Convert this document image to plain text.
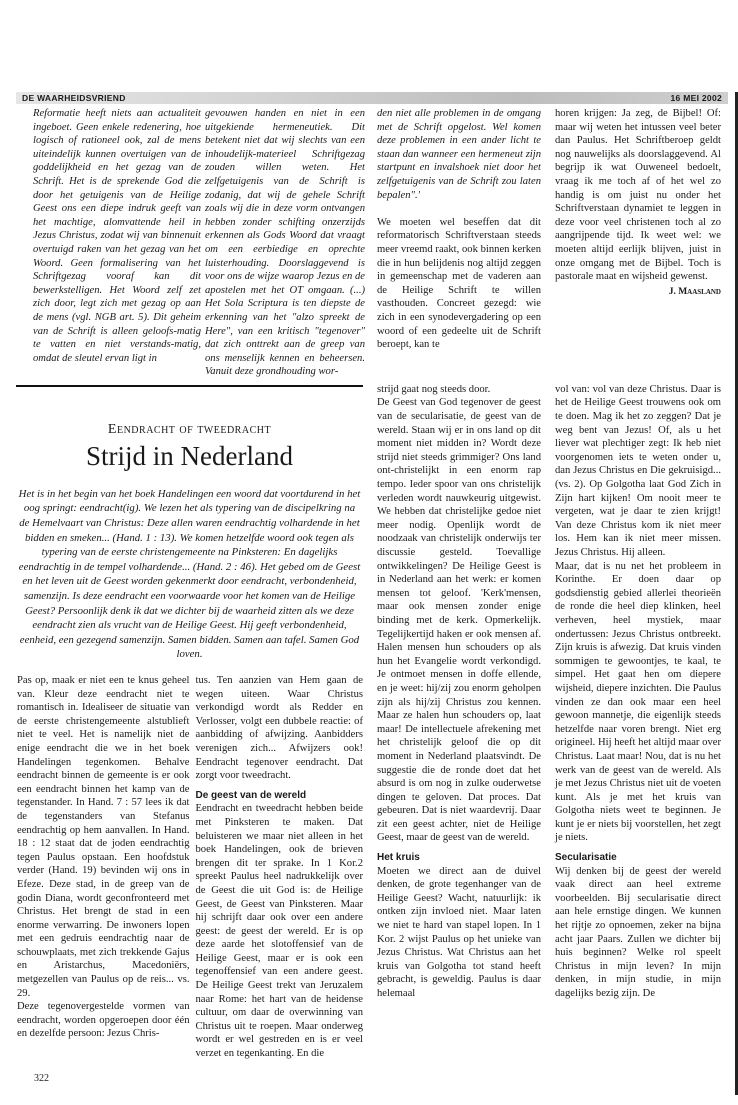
DE WAARHEIDSVRIEND	16 MEI 2002

Reformatie heeft niets aan actualiteit ingeboet. Geen enkele redenering, hoe logisch of rationeel ook, zal de mens uiteindelijk kunnen overtuigen van de goddelijkheid en het gezag van de Schrift. Het is de sprekende God die door het getuigenis van de Heilige Geest ons een diepe indruk geeft van het machtige, alomvattende heil in Jezus Christus, zodat wij van binnenuit overtuigd raken van het gezag van het Woord. Geen formalisering van het Schriftgezag vooraf kan dit bewerkstelligen. Het Woord zelf zet zich door, legt zich met gezag op aan de mens (vgl. NGB art. 5). Dit geheim van de Schrift is alleen geloofs-matig te vatten en niet verstands-matig, omdat de sleutel ervan ligt in

gevouwen handen en niet in een uitgekiende hermeneutiek. Dit betekent niet dat wij slechts van een inhoudelijk-materieel Schriftgezag zouden willen weten. Het zelfgetuigenis van de Schrift is zodanig, dat wij de gehele Schrift zoals wij die in deze vorm ontvangen hebben zonder schifting onzerzijds erkennen als Gods Woord dat vraagt om een eerbiedige en oprechte luisterhouding. Doorslaggevend is voor ons de wijze waarop Jezus en de apostelen met het OT omgaan. (...) Het Sola Scriptura is ten diepste de erkenning van het "alzo spreekt de Here", van een kritisch "tegenover" dat zich onttrekt aan de greep van ons menselijk kennen en beheersen. Vanuit deze grondhouding wor-

den niet alle problemen in de omgang met de Schrift opgelost. Wel komen deze problemen in een ander licht te staan dan wanneer een hermeneut zijn startpunt en invalshoek niet door het zelfgetuigenis van de Schrift zou laten bepalen".'

We moeten wel beseffen dat dit reformatorisch Schriftverstaan steeds meer vreemd raakt, ook binnen kerken die in hun belijdenis nog altijd zeggen in gemeenschap met de vaderen aan de Heilige Schrift te willen vasthouden. Concreet gezegd: wie zich in een synodevergadering op een woord of een gedeelte uit de Schrift beroept, kan te

horen krijgen: Ja zeg, de Bijbel! Of: maar wij weten het intussen veel beter dan Paulus. Het Schriftberoep geldt nog nauwelijks als doorslaggevend. Al begrijp ik wat Ouweneel bedoelt, vraag ik me toch af of het wel zo handig is om juist nu onder het Schriftverstaan dynamiet te leggen in deze voor veel christenen toch al zo aangrijpende tijd. Ik weet wel: we moeten altijd eerlijk blijven, juist in onze omgang met de Bijbel. Toch is pastorale maat en wijsheid gewenst.

J. Maasland
Eendracht of tweedracht
Strijd in Nederland
Het is in het begin van het boek Handelingen een woord dat voortdurend in het oog springt: eendracht(ig). We lezen het als typering van de discipelkring na de Hemelvaart van Christus: Deze allen waren eendrachtig volhardende in het bidden en smeken... (Hand. 1 : 13). We komen hetzelfde woord ook tegen als typering van de eerste christengemeente na Pinksteren: En dagelijks eendrachtig in de tempel volhardende... (Hand. 2 : 46). Het gebed om de Geest en het leven uit de Geest worden gekenmerkt door eendracht, verbondenheid, samenzijn. Is deze eendracht een voorwaarde voor het komen van de Heilige Geest? Persoonlijk denk ik dat we dichter bij de waarheid zitten als we deze eendracht zien als vrucht van de Heilige Geest. Hij geeft verbondenheid, eenheid, een gezegend samenzijn. Samen bidden. Samen aan tafel. Samen God loven.

Pas op, maak er niet een te knus geheel van. Kleur deze eendracht niet te romantisch in. Idealiseer de situatie van de eerste christengemeente alstublieft niet te veel. Het is namelijk niet de enige eendracht die we in het boek Handelingen tegenkomen. Behalve eendracht binnen de gemeente is er ook een eendracht binnen het kamp van de tegenstander. In Hand. 7 : 57 lees ik dat de tegenstanders van Stefanus eendrachtig op hem aanvallen. In Hand. 18 : 12 staat dat de joden eendrachtig tegen Paulus opstaan. Een hoofdstuk verder (Hand. 19) bevinden wij ons in Efeze. Deze stad, in de greep van de godin Diana, wordt geconfronteerd met Christus. Het brengt de stad in een enorme verwarring. De inwoners lopen met een gedruis eendrachtig naar de schouwplaats, met zich trekkende Gajus en Aristarchus, Macedoniërs, metgezellen van Paulus op de reis... vs. 29.

Deze tegenovergestelde vormen van eendracht, worden opgeroepen door één en dezelfde persoon: Jezus Chris-

tus. Ten aanzien van Hem gaan de wegen uiteen. Waar Christus verkondigd wordt als Redder en Verlosser, volgt een dubbele reactie: of aanbidding of afwijzing. Aanbidders verenigen zich... Afwijzers ook! Eendracht tegenover eendracht. Dat zorgt voor tweedracht.

De geest van de wereld

Eendracht en tweedracht hebben beide met Pinksteren te maken. Dat beluisteren we maar niet alleen in het boek Handelingen, ook de brieven brengen dit ter sprake. In 1 Kor.2 spreekt Paulus heel nadrukkelijk over de Geest die uit God is: de Heilige Geest, de Geest van Pinksteren. Maar hij schrijft daar ook over een andere geest: de geest der wereld. Er is op deze aarde het slotoffensief van de Heilige Geest, maar er is ook een tegenoffensief van een andere geest. De Heilige Geest trekt van Jeruzalem naar Rome: het hart van de heidense cultuur, om daar de overwinning van Christus uit te roepen. Maar onderweg wordt er wel gestreden en is er veel verzet en tegenkanting. En die

322

strijd gaat nog steeds door.

De Geest van God tegenover de geest van de secularisatie, de geest van de wereld. Staan wij er in ons land op dit moment niet midden in? Wordt deze strijd niet steeds grimmiger? Ons land ont-christelijkt in een enorm rap tempo. Ieder spoor van ons christelijk verleden wordt nauwkeurig uitgewist. We hebben dat christelijke gedoe niet meer nodig. Openlijk wordt de noodzaak van christelijk onderwijs ter discussie gesteld. Toevallige ontwikkelingen? De Heilige Geest is in Nederland aan het werk: er komen mensen tot geloof. 'Kerk'mensen, maar ook mensen zonder enige binding met de kerk. Opmerkelijk. Tegelijkertijd haken er ook mensen af. Halen mensen hun schouders op als hun het Evangelie wordt verkondigd. Je ontmoet mensen in doffe ellende, en je weet: hij/zij zou enorm geholpen zijn als hij/zij Christus zou kennen. Maar ze halen hun schouders op, laat maar! De intellectuele afrekening met het christelijk geloof die op dit moment in Nederland plaatsvindt. De suggestie die de ronde doet dat het absurd is om nog in zulke ouderwetse dingen te geloven. Dat proces. Dat gebeuren. Dat is niet waardevrij. Daar zit een geest achter, niet de Heilige Geest, maar de geest van de wereld.

Het kruis

Moeten we direct aan de duivel denken, de grote tegenhanger van de Heilige Geest? Wacht, natuurlijk: ik ontken zijn invloed niet. Maar laten we niet te hard van stapel lopen. In 1 Kor. 2 wijst Paulus op het unieke van Jezus Christus. Wat Christus aan het kruis van Golgotha tot stand heeft gebracht, is geweldig. Paulus is daar helemaal

vol van: vol van deze Christus. Daar is het de Heilige Geest trouwens ook om te doen. Mag ik het zo zeggen? Dat je weg bent van Jezus! Of, als u het liever wat plechtiger zegt: Ik heb niet voorgenomen iets te weten onder u, dan Jezus Christus en Die gekruisigd... (vs. 2). Op Golgotha laat God Zich in Zijn hart kijken! Om nooit meer te vergeten, wat je daar te zien krijgt! Van deze Christus kom ik niet meer los. Hem kan ik niet meer missen. Jezus Christus. Hij alleen.

Maar, dat is nu net het probleem in Korinthe. Er doen daar op godsdienstig gebied allerlei theorieën de ronde die heel diep klinken, heel verheven, heel mystiek, maar ondertussen: Jezus Christus ontbreekt. Zijn kruis is afwezig. Dat kruis vinden sommigen te gewoontjes, te kaal, te simpel. Het gaat hen om diepere wijsheid, diepere inzichten. Die Paulus vinden ze dan ook maar een heel gewoon mannetje, die eigenlijk steeds hetzelfde naar voren brengt. Niet erg origineel. Hij heeft het altijd maar over Christus. Laat maar! Nou, dat is nu het werk van de geest van de wereld. Als je met Jezus Christus niet uit de voeten kunt. Als je met het kruis van Golgotha niets weet te beginnen. Je kunt je er niets bij voorstellen, het zegt je niets.

Secularisatie

Wij denken bij de geest der wereld vaak direct aan heel extreme voorbeelden. Bij secularisatie direct aan hele ernstige dingen. We kunnen het rijtje zo opnoemen, zeker na bijna acht jaar Paars. Zullen we dichter bij huis beginnen? Welke rol speelt Christus in mijn leven? In mijn denken, in mijn studie, in mijn dagelijks bezig zijn. De
